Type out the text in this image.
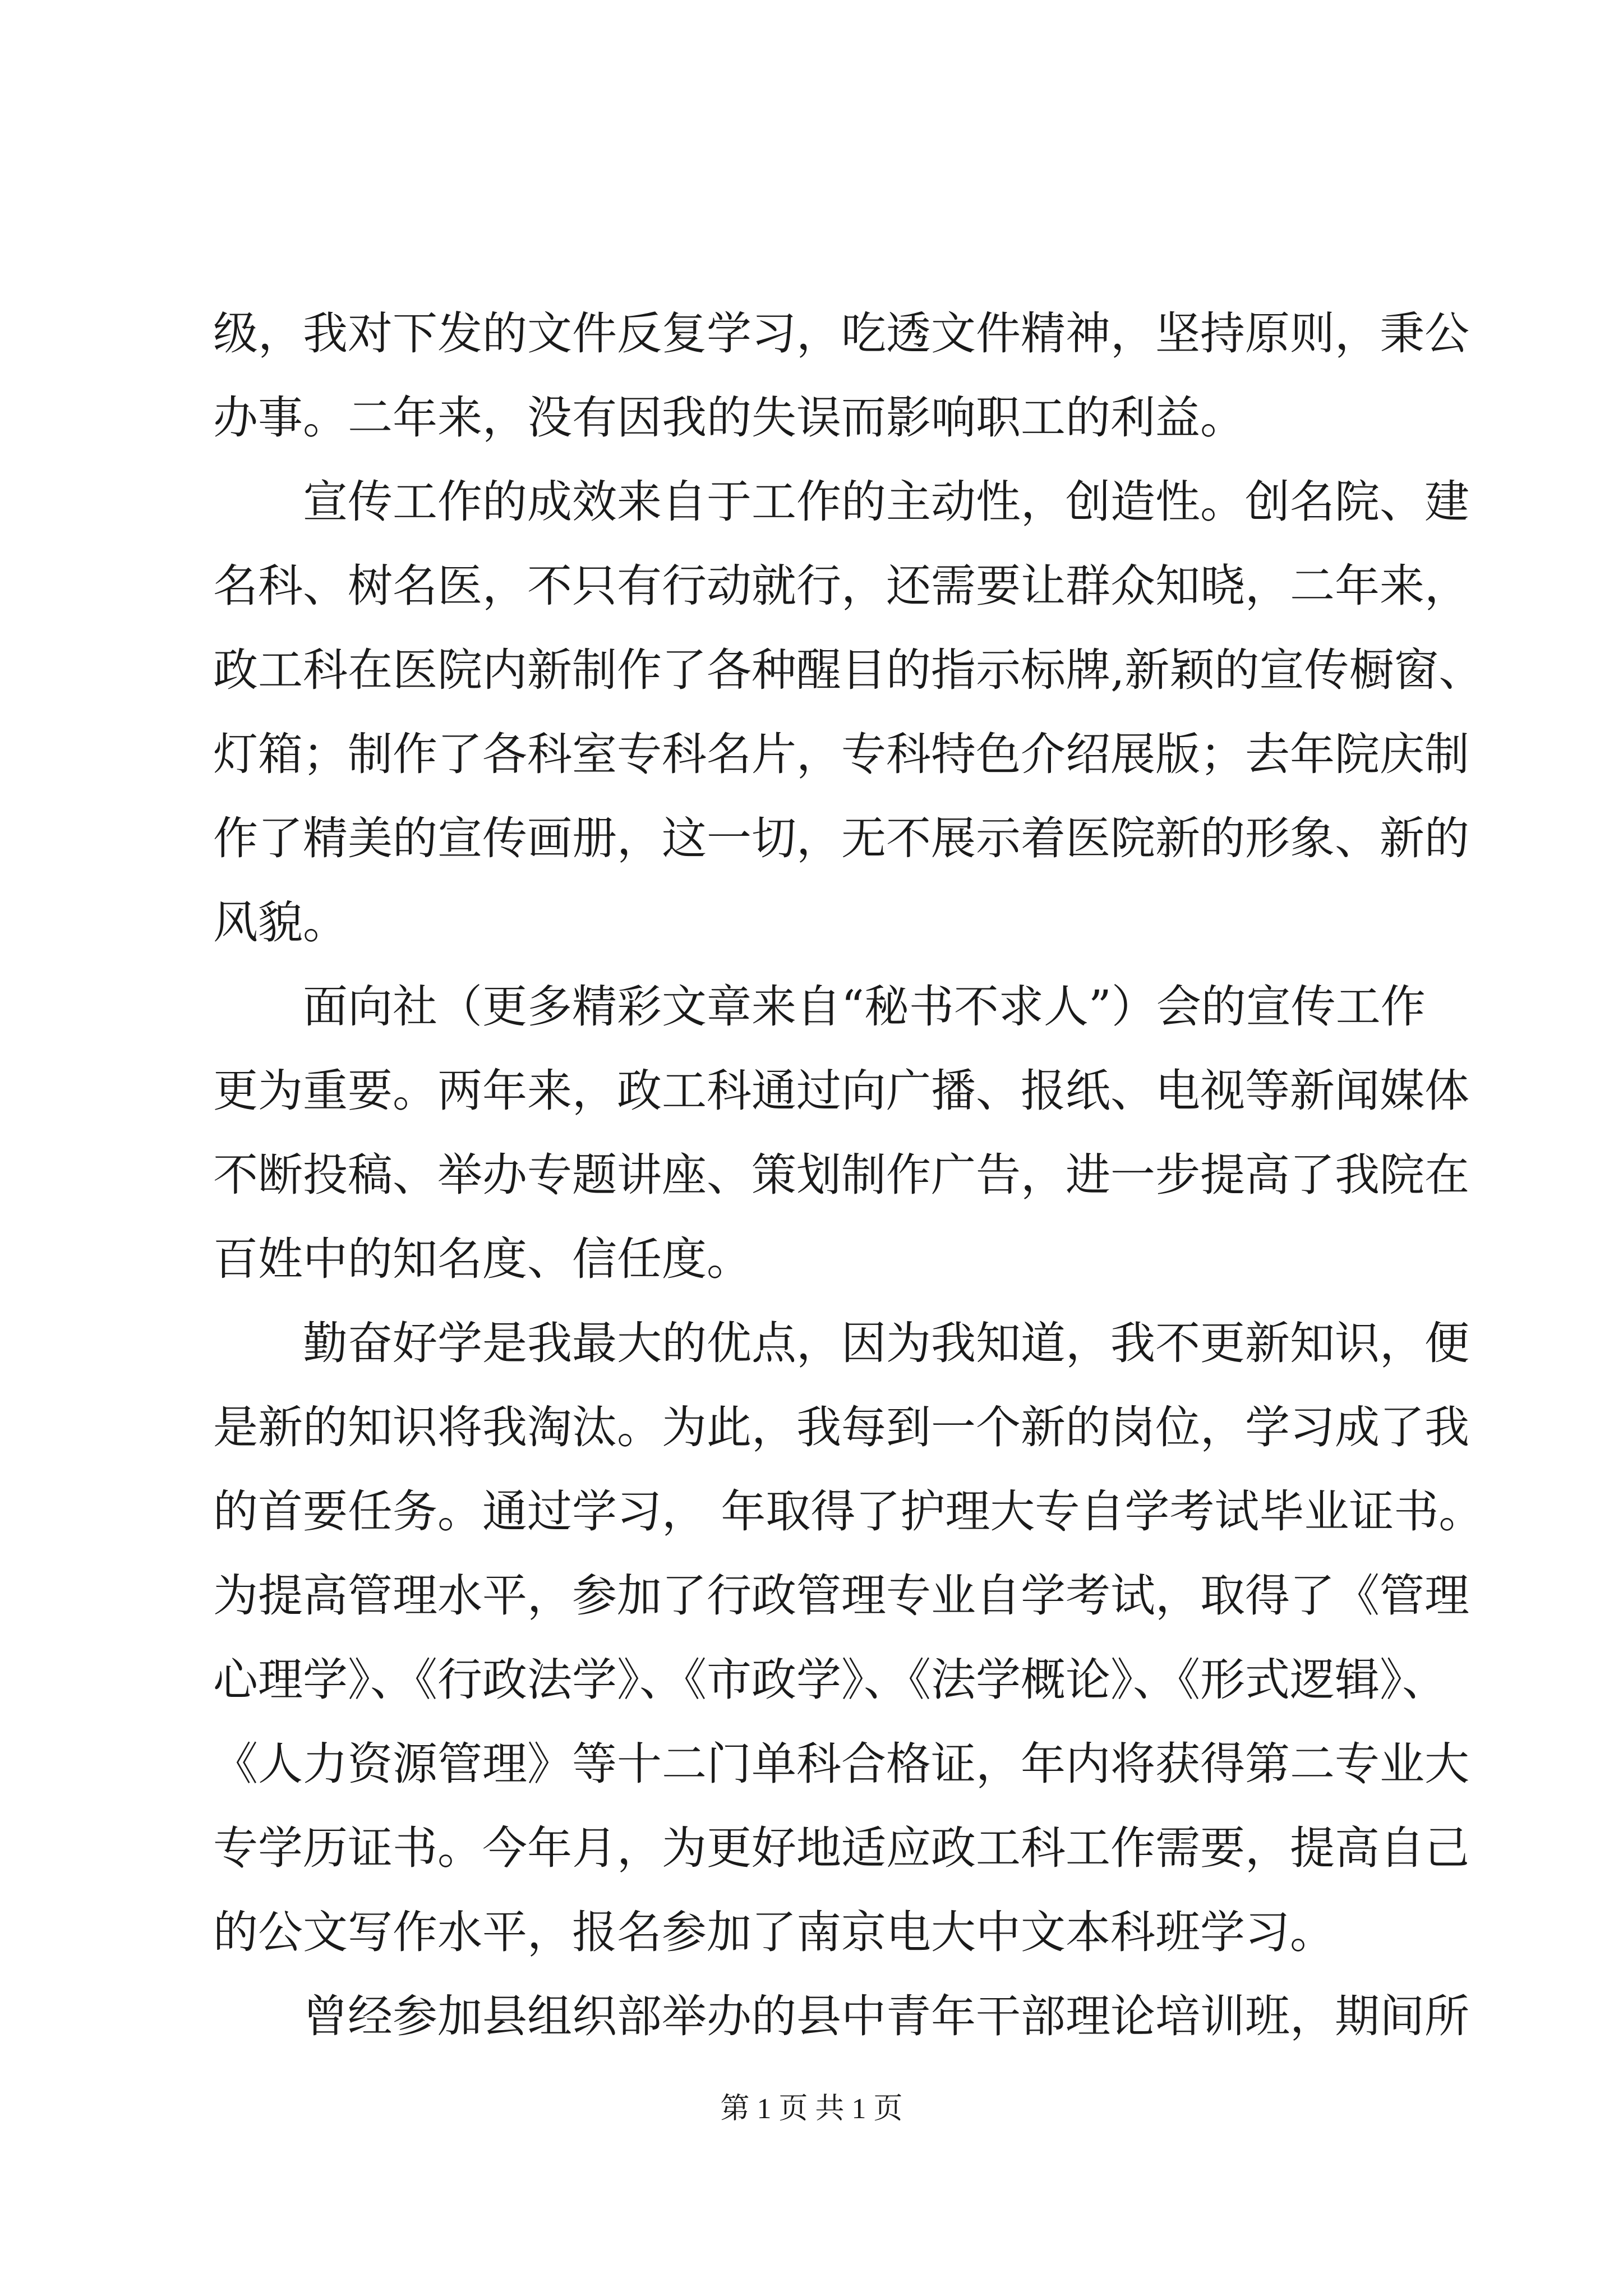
级，我对下发的文件反复学习，吃透文件精神，坚持原则，秉公
办事。二年来，没有因我的失误而影响职工的利益。
宣传工作的成效来自于工作的主动性，创造性。创名院、建
名科、树名医，不只有行动就行，还需要让群众知晓，二年来，
政工科在医院内新制作了各种醒目的指示标牌,新颖的宣传橱窗、
灯箱；制作了各科室专科名片，专科特色介绍展版；去年院庆制
作了精美的宣传画册，这一切，无不展示着医院新的形象、新的
风貌。
面向社（更多精彩文章来自“秘书不求人”）会的宣传工作
更为重要。两年来，政工科通过向广播、报纸、电视等新闻媒体
不断投稿、举办专题讲座、策划制作广告，进一步提高了我院在
百姓中的知名度、信任度。
勤奋好学是我最大的优点，因为我知道，我不更新知识，便
是新的知识将我淘汰。为此，我每到一个新的岗位，学习成了我
的首要任务。通过学习， 年取得了护理大专自学考试毕业证书。
为提高管理水平，参加了行政管理专业自学考试，取得了《管理
心理学》、《行政法学》、《市政学》、《法学概论》、《形式逻辑》、
《人力资源管理》等十二门单科合格证，年内将获得第二专业大
专学历证书。今年月，为更好地适应政工科工作需要，提高自己
的公文写作水平，报名参加了南京电大中文本科班学习。
曾经参加县组织部举办的县中青年干部理论培训班，期间所
第 1 页 共 1 页
